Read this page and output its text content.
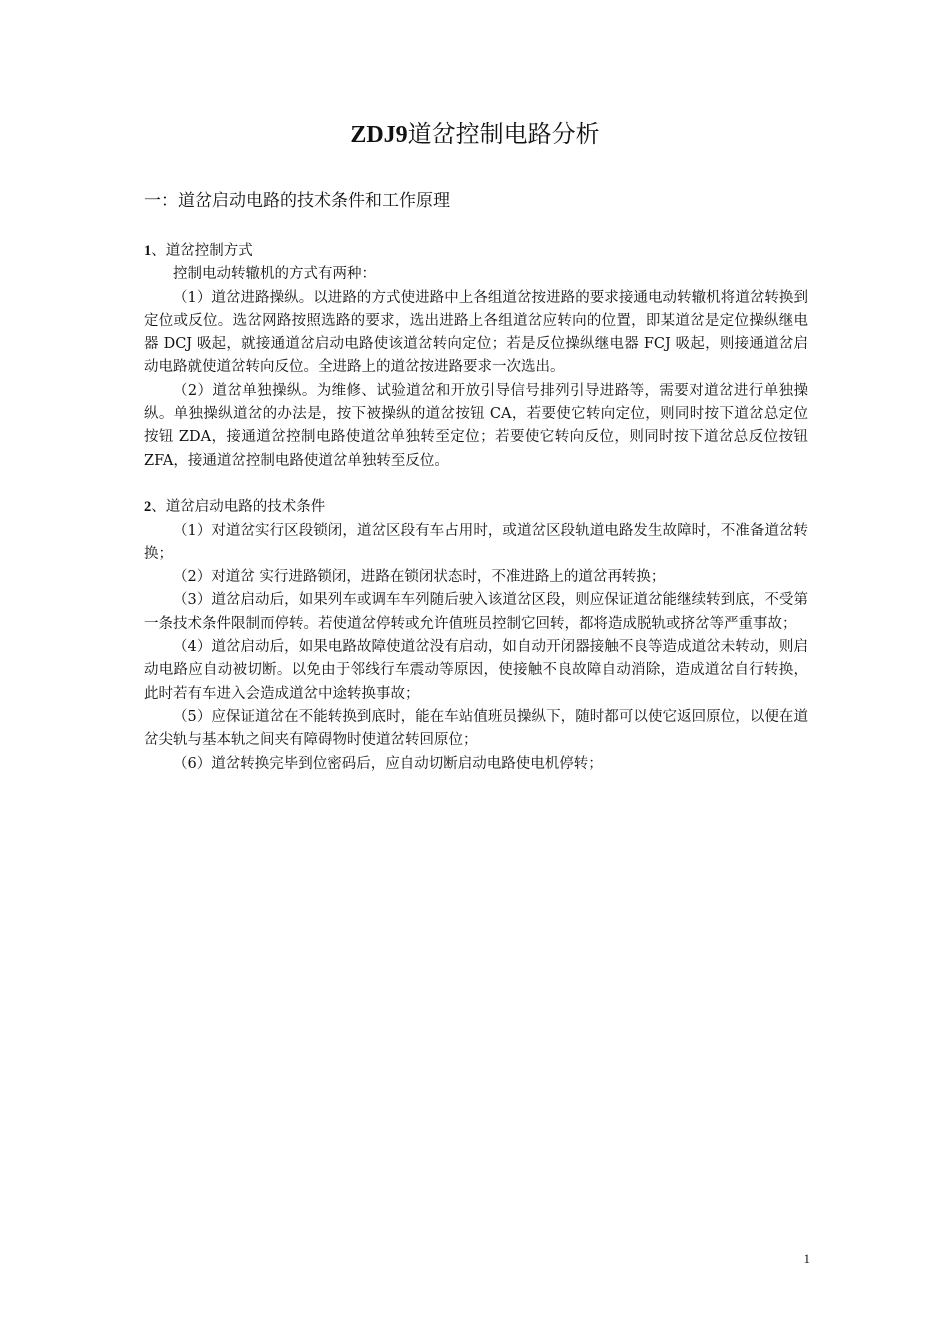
ZDJ9道岔控制电路分析
一：道岔启动电路的技术条件和工作原理

1、道岔控制方式

控制电动转辙机的方式有两种：

（1）道岔进路操纵。以进路的方式使进路中上各组道岔按进路的要求接通电动转辙机将道岔转换到定位或反位。选岔网路按照选路的要求，选出进路上各组道岔应转向的位置，即某道岔是定位操纵继电器 DCJ 吸起，就接通道岔启动电路使该道岔转向定位；若是反位操纵继电器 FCJ 吸起，则接通道岔启动电路就使道岔转向反位。全进路上的道岔按进路要求一次选出。

（2）道岔单独操纵。为维修、试验道岔和开放引导信号排列引导进路等，需要对道岔进行单独操纵。单独操纵道岔的办法是，按下被操纵的道岔按钮 CA，若要使它转向定位，则同时按下道岔总定位按钮 ZDA，接通道岔控制电路使道岔单独转至定位；若要使它转向反位，则同时按下道岔总反位按钮 ZFA，接通道岔控制电路使道岔单独转至反位。

2、道岔启动电路的技术条件

（1）对道岔实行区段锁闭，道岔区段有车占用时，或道岔区段轨道电路发生故障时，不准备道岔转换；

（2）对道岔 实行进路锁闭，进路在锁闭状态时，不准进路上的道岔再转换；

（3）道岔启动后，如果列车或调车车列随后驶入该道岔区段，则应保证道岔能继续转到底，不受第一条技术条件限制而停转。若使道岔停转或允许值班员控制它回转，都将造成脱轨或挤岔等严重事故；

（4）道岔启动后，如果电路故障使道岔没有启动，如自动开闭器接触不良等造成道岔未转动，则启动电路应自动被切断。以免由于邻线行车震动等原因，使接触不良故障自动消除，造成道岔自行转换，此时若有车进入会造成道岔中途转换事故；

（5）应保证道岔在不能转换到底时，能在车站值班员操纵下，随时都可以使它返回原位，以便在道岔尖轨与基本轨之间夹有障碍物时使道岔转回原位；

（6）道岔转换完毕到位密码后，应自动切断启动电路使电机停转；

1
